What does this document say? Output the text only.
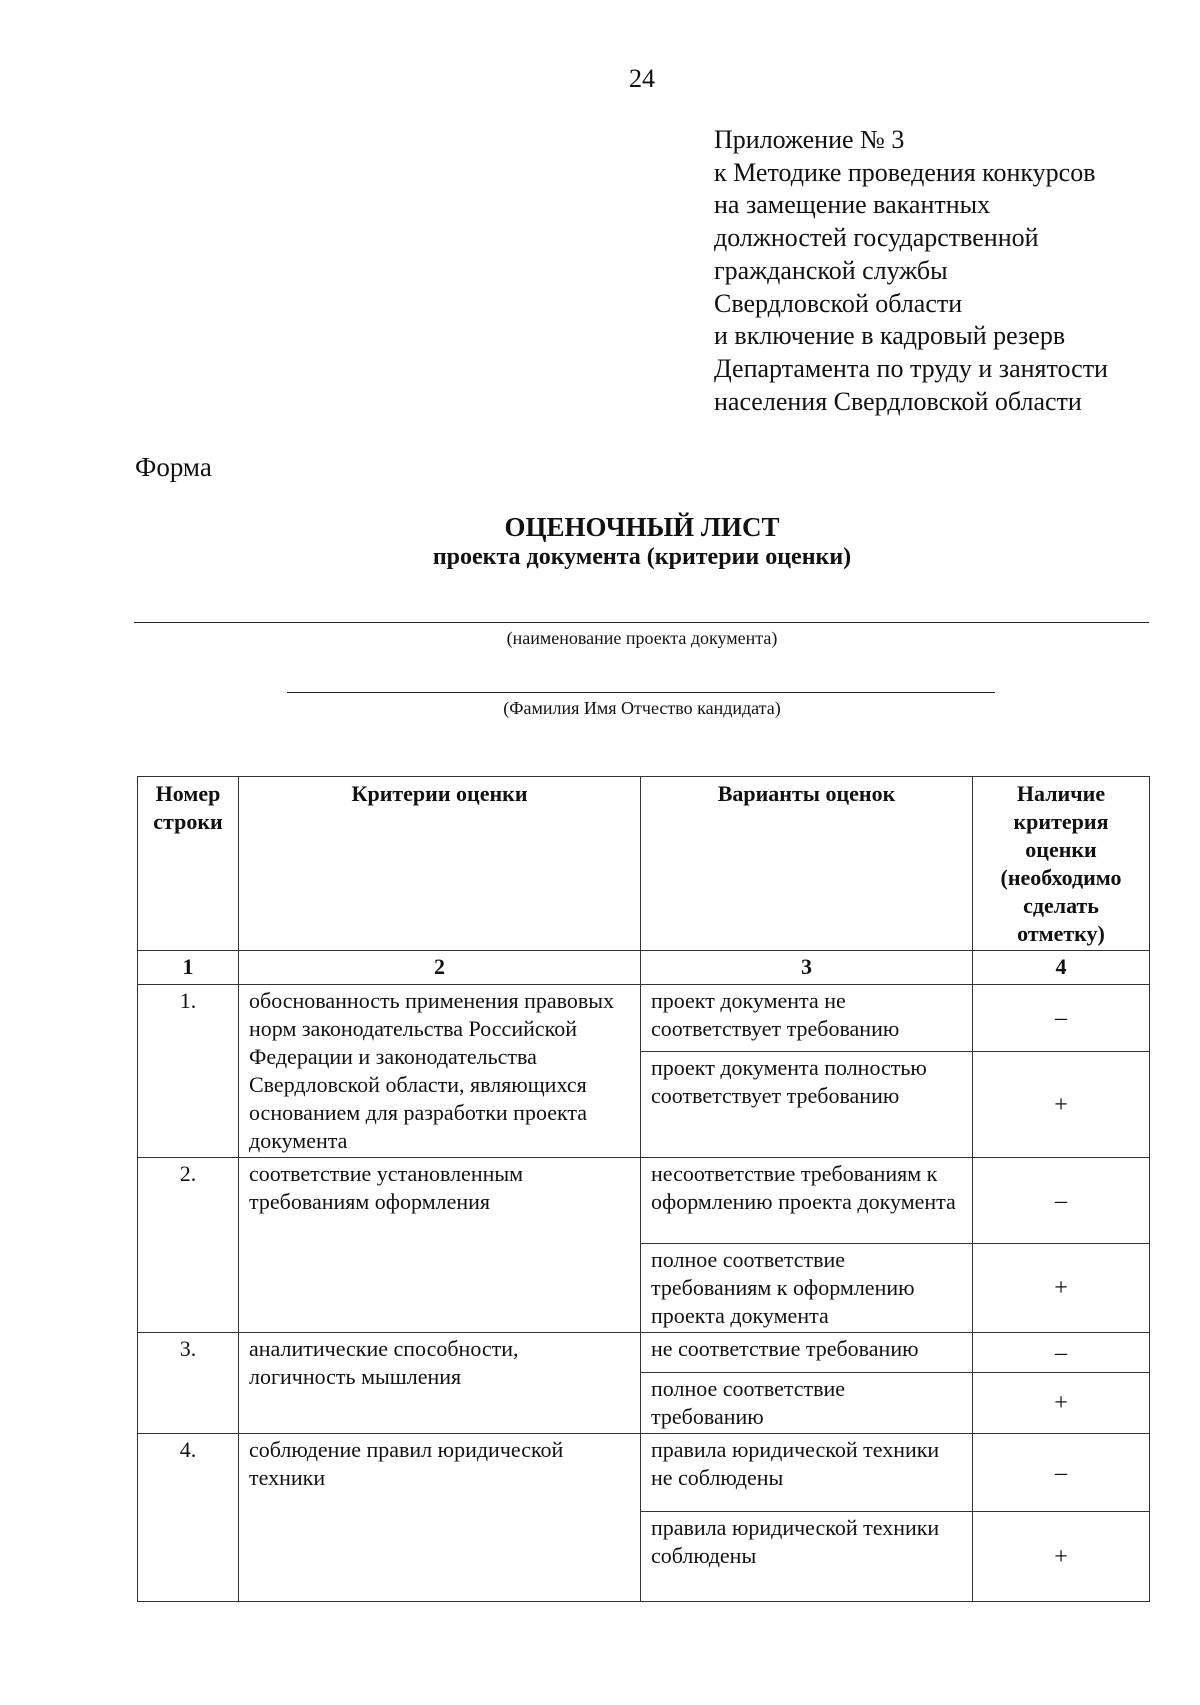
24
Приложение № 3
к Методике проведения конкурсов
на замещение вакантных
должностей государственной
гражданской службы
Свердловской области
и включение в кадровый резерв
Департамента по труду и занятости
населения Свердловской области
Форма
ОЦЕНОЧНЫЙ ЛИСТ
проекта документа (критерии оценки)
(наименование проекта документа)
(Фамилия Имя Отчество кандидата)
Номер строки	Критерии оценки	Варианты оценок	Наличие критерия оценки (необходимо сделать отметку)
1	2	3	4
1.	обоснованность применения правовых норм законодательства Российской Федерации и законодательства Свердловской области, являющихся основанием для разработки проекта документа	проект документа не соответствует требованию	–
		проект документа полностью соответствует требованию	+
2.	соответствие установленным требованиям оформления	несоответствие требованиям к оформлению проекта документа	–
		полное соответствие требованиям к оформлению проекта документа	+
3.	аналитические способности, логичность мышления	не соответствие требованию	–
		полное соответствие требованию	+
4.	соблюдение правил юридической техники	правила юридической техники не соблюдены	–
		правила юридической техники соблюдены	+
